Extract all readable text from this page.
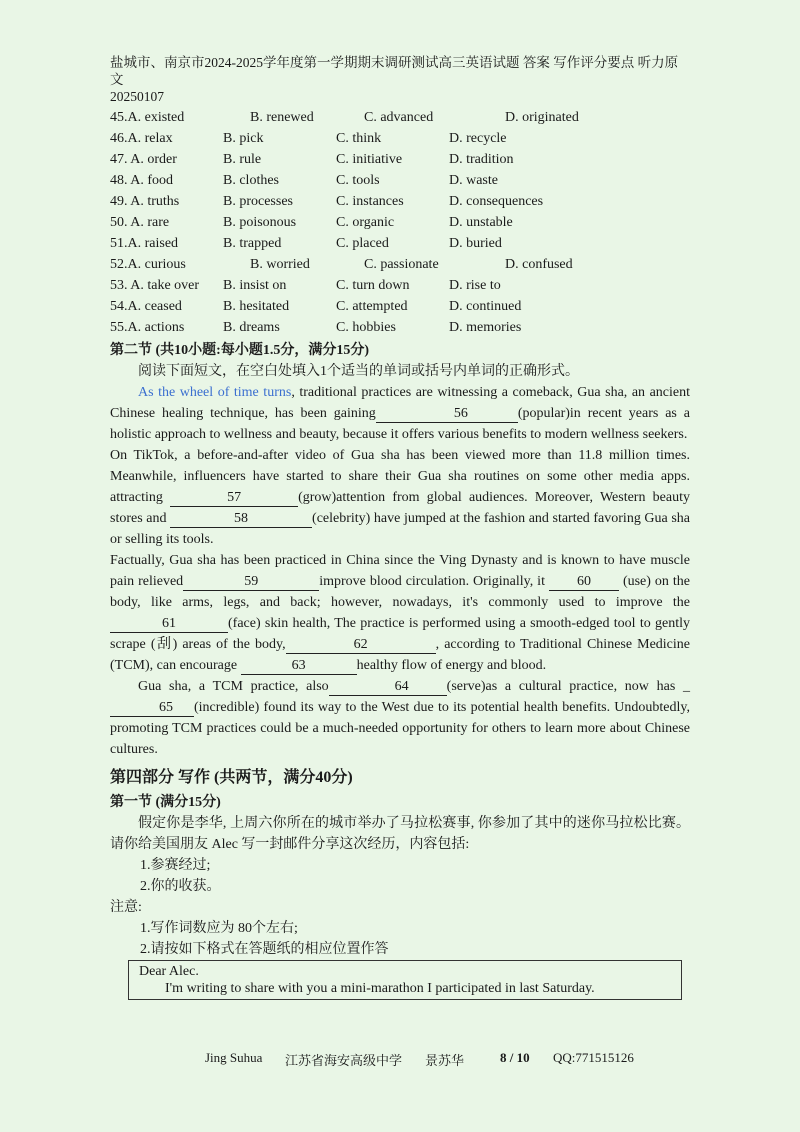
盐城市、南京市2024-2025学年度第一学期期末调研测试高三英语试题 答案 写作评分要点 听力原文
20250107
45.A. existed	B. renewed	C. advanced	D. originated
46.A. relax	B. pick	C. think	D. recycle
47. A. order	B. rule	C. initiative	D. tradition
48. A. food	B. clothes	C. tools	D. waste
49. A. truths	B. processes	C. instances	D. consequences
50. A. rare	B. poisonous	C. organic	D. unstable
51.A. raised	B. trapped	C. placed	D. buried
52.A. curious	B. worried	C. passionate	D. confused
53. A. take over B. insist on	C. turn down	D. rise to
54.A. ceased	B. hesitated	C. attempted	D. continued
55.A. actions	B. dreams	C. hobbies	D. memories
第二节 (共10小题:每小题1.5分，满分15分)
阅读下面短文，在空白处填入1个适当的单词或括号内单词的正确形式。
As the wheel of time turns, traditional practices are witnessing a comeback, Gua sha, an ancient Chinese healing technique, has been gaining	56	(popular)in recent years as a holistic approach to wellness and beauty, because it offers various benefits to modern wellness seekers.
On TikTok, a before-and-after video of Gua sha has been viewed more than 11.8 million times. Meanwhile, influencers have started to share their Gua sha routines on some other media apps. attracting	57	(grow)attention from global audiences. Moreover, Western beauty stores and	58	(celebrity) have jumped at the fashion and started favoring Gua sha or selling its tools.
Factually, Gua sha has been practiced in China since the Ving Dynasty and is known to have muscle pain relieved	59	improve blood circulation. Originally, it 60 (use) on the body, like arms, legs, and back; however, nowadays, it's commonly used to improve the 61	(face) skin health, The practice is performed using a smooth-edged tool to gently scrape (刮) areas of the body,	62	, according to Traditional Chinese Medicine (TCM), can encourage	63	healthy flow of energy and blood.
Gua sha, a TCM practice, also	64	(serve)as a cultural practice, now has _65 (incredible) found its way to the West due to its potential health benefits. Undoubtedly, promoting TCM practices could be a much-needed opportunity for others to learn more about Chinese cultures.
第四部分 写作 (共两节，满分40分)
第一节 (满分15分)
假定你是李华, 上周六你所在的城市举办了马拉松赛事, 你参加了其中的迷你马拉松比赛。请你给美国朋友 Alec 写一封邮件分享这次经历，内容包括:
1.参赛经过;
2.你的收获。
注意:
1.写作词数应为 80个左右;
2.请按如下格式在答题纸的相应位置作答
Dear Alec.
I'm writing to share with you a mini-marathon I participated in last Saturday.
Jing Suhua 江苏省海安高级中学 景苏华	8 / 10 QQ:771515126
